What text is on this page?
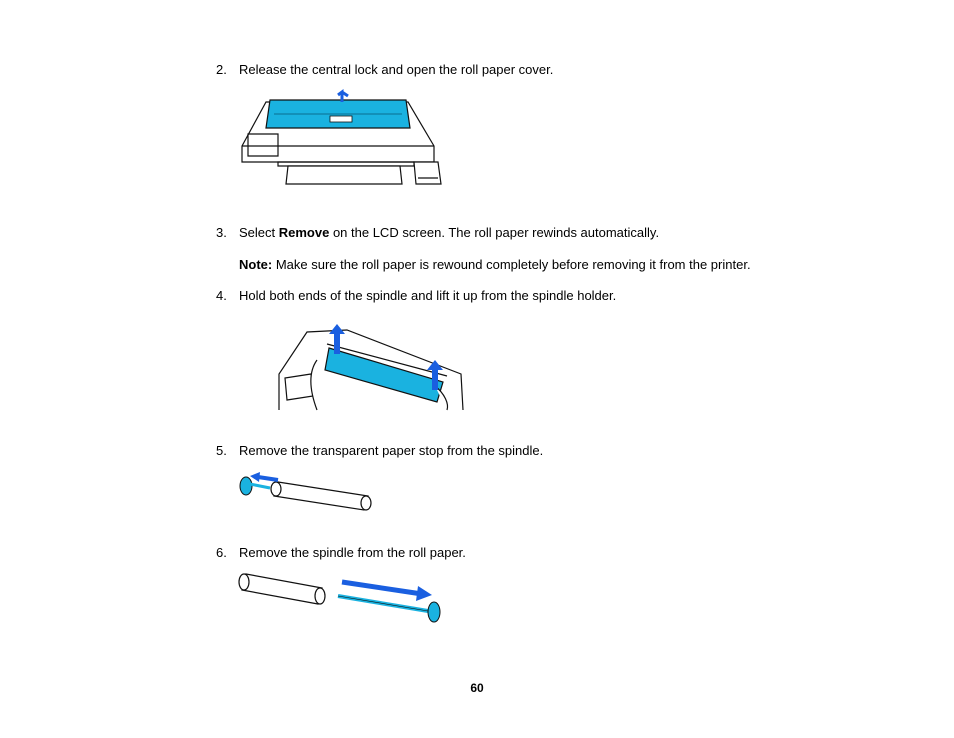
2. Release the central lock and open the roll paper cover.
3. Select Remove on the LCD screen. The roll paper rewinds automatically.
Note: Make sure the roll paper is rewound completely before removing it from the printer.
4. Hold both ends of the spindle and lift it up from the spindle holder.
5. Remove the transparent paper stop from the spindle.
6. Remove the spindle from the roll paper.
60
